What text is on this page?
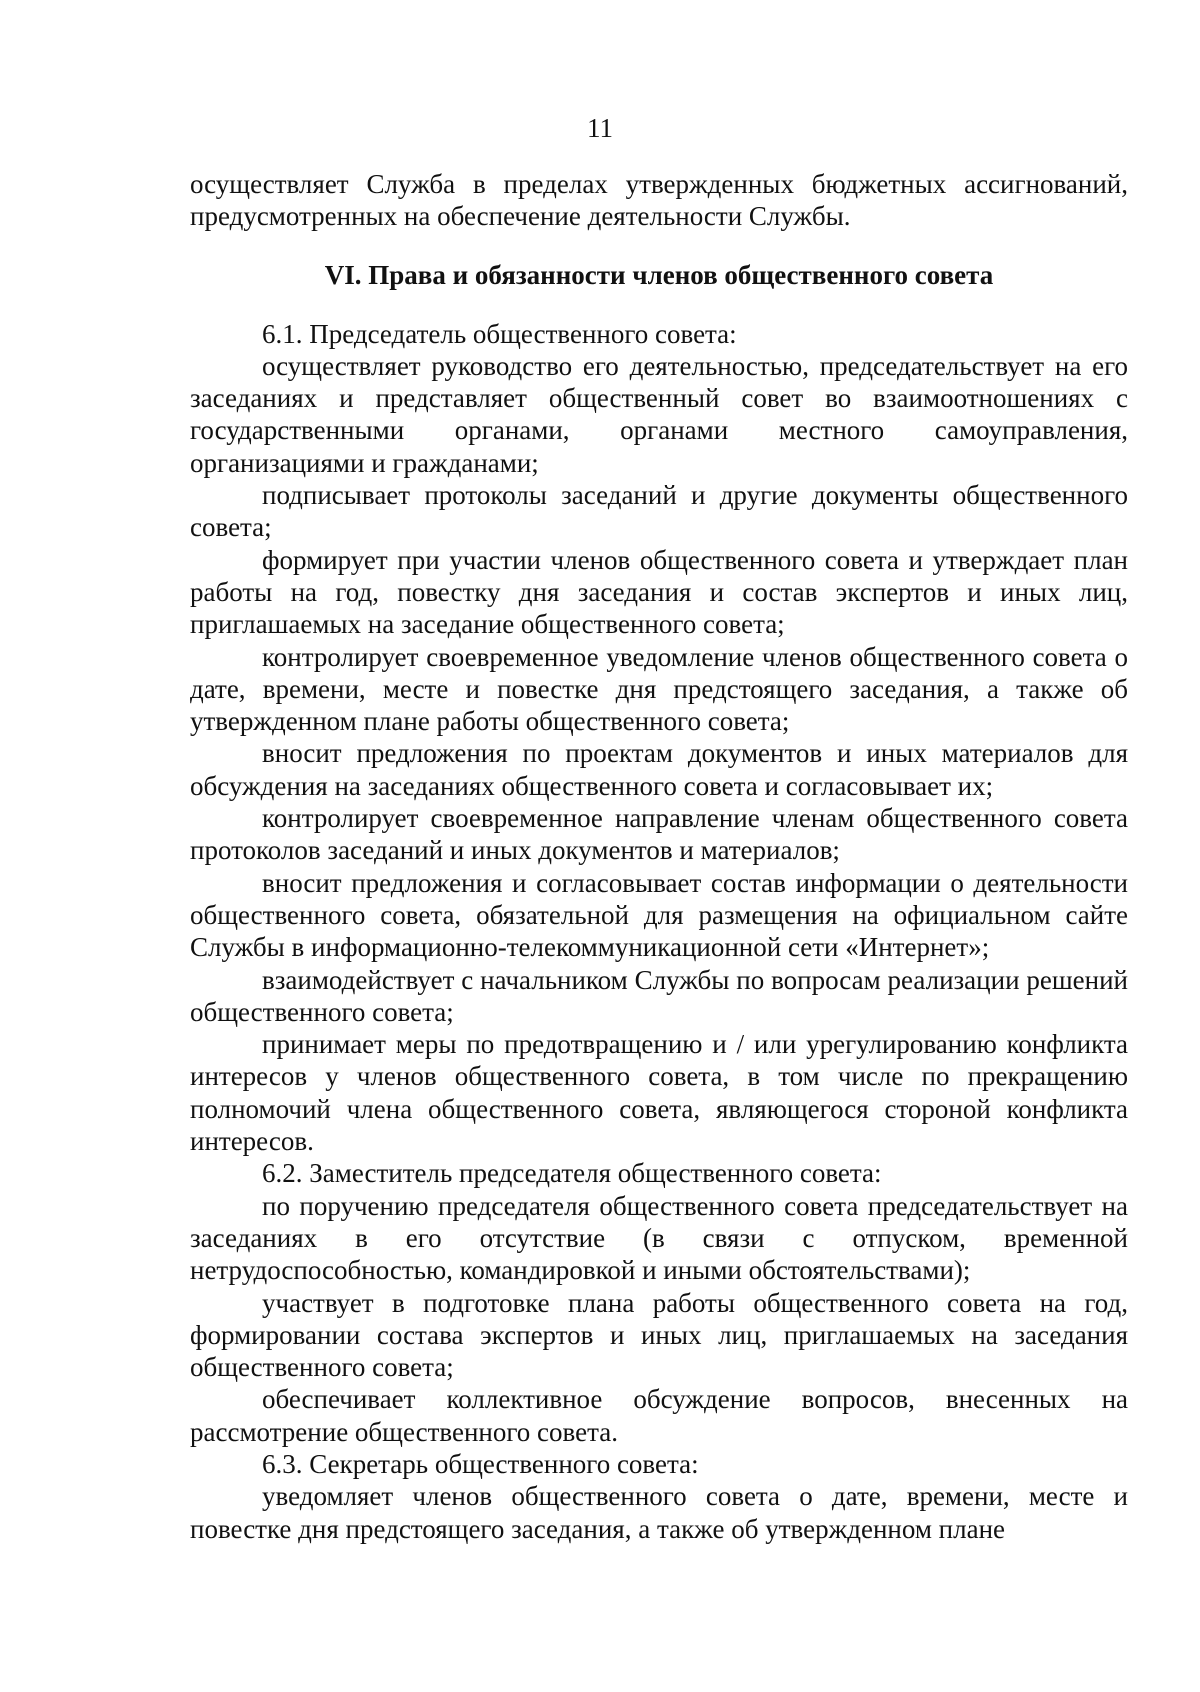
11

осуществляет Служба в пределах утвержденных бюджетных ассигнований, предусмотренных на обеспечение деятельности Службы.

VI. Права и обязанности членов общественного совета

6.1. Председатель общественного совета:

осуществляет руководство его деятельностью, председательствует на его заседаниях и представляет общественный совет во взаимоотношениях с государственными органами, органами местного самоуправления, организациями и гражданами;

подписывает протоколы заседаний и другие документы общественного совета;

формирует при участии членов общественного совета и утверждает план работы на год, повестку дня заседания и состав экспертов и иных лиц, приглашаемых на заседание общественного совета;

контролирует своевременное уведомление членов общественного совета о дате, времени, месте и повестке дня предстоящего заседания, а также об утвержденном плане работы общественного совета;

вносит предложения по проектам документов и иных материалов для обсуждения на заседаниях общественного совета и согласовывает их;

контролирует своевременное направление членам общественного совета протоколов заседаний и иных документов и материалов;

вносит предложения и согласовывает состав информации о деятельности общественного совета, обязательной для размещения на официальном сайте Службы в информационно-телекоммуникационной сети «Интернет»;

взаимодействует с начальником Службы по вопросам реализации решений общественного совета;

принимает меры по предотвращению и / или урегулированию конфликта интересов у членов общественного совета, в том числе по прекращению полномочий члена общественного совета, являющегося стороной конфликта интересов.

6.2. Заместитель председателя общественного совета:

по поручению председателя общественного совета председательствует на заседаниях в его отсутствие (в связи с отпуском, временной нетрудоспособностью, командировкой и иными обстоятельствами);

участвует в подготовке плана работы общественного совета на год, формировании состава экспертов и иных лиц, приглашаемых на заседания общественного совета;

обеспечивает коллективное обсуждение вопросов, внесенных на рассмотрение общественного совета.

6.3. Секретарь общественного совета:

уведомляет членов общественного совета о дате, времени, месте и повестке дня предстоящего заседания, а также об утвержденном плане
